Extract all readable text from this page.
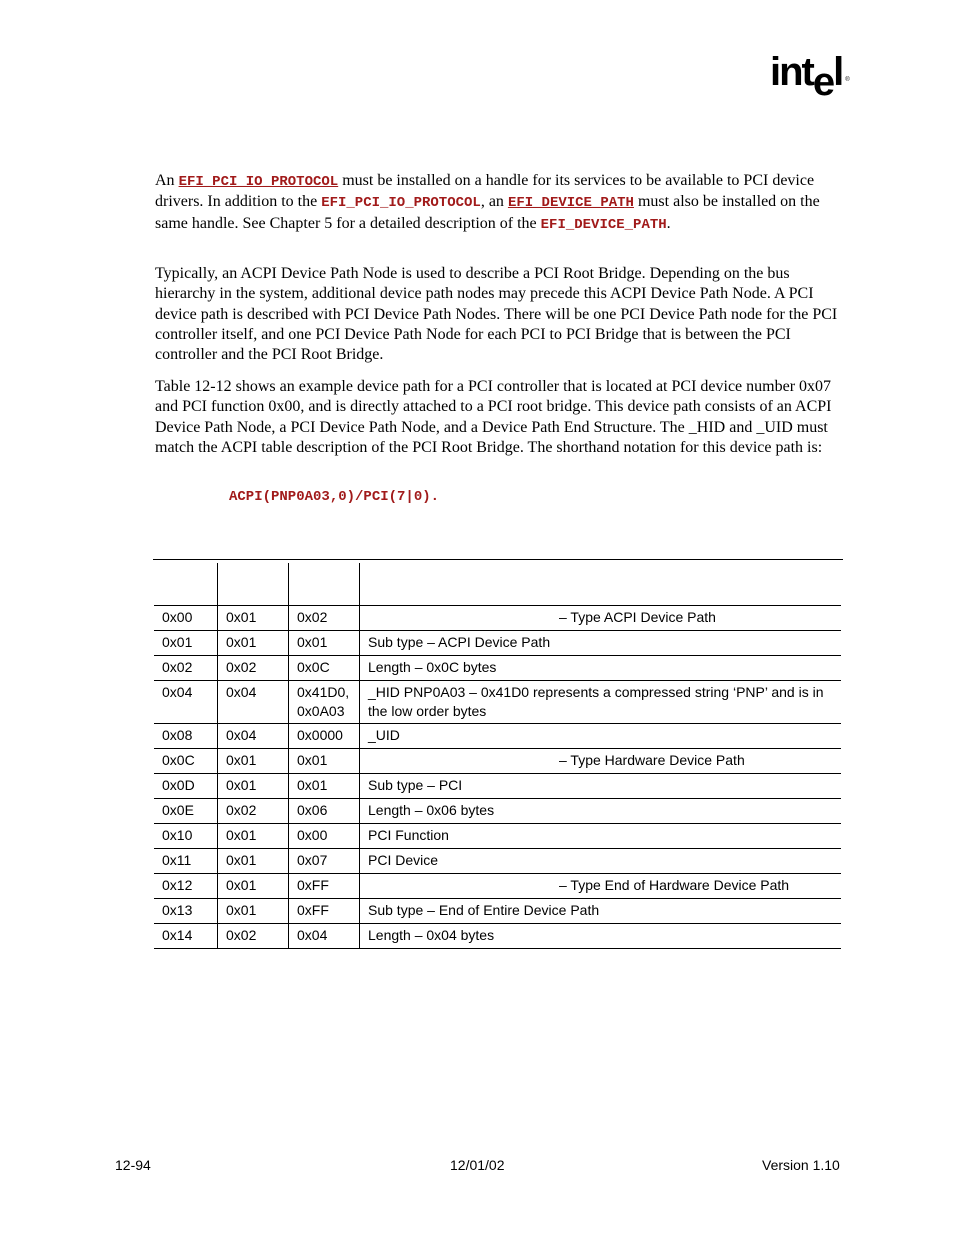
intel ®
An EFI_PCI_IO_PROTOCOL must be installed on a handle for its services to be available to PCI device drivers. In addition to the EFI_PCI_IO_PROTOCOL, an EFI_DEVICE_PATH must also be installed on the same handle. See Chapter 5 for a detailed description of the EFI_DEVICE_PATH.
Typically, an ACPI Device Path Node is used to describe a PCI Root Bridge. Depending on the bus hierarchy in the system, additional device path nodes may precede this ACPI Device Path Node. A PCI device path is described with PCI Device Path Nodes. There will be one PCI Device Path node for the PCI controller itself, and one PCI Device Path Node for each PCI to PCI Bridge that is between the PCI controller and the PCI Root Bridge.
Table 12-12 shows an example device path for a PCI controller that is located at PCI device number 0x07 and PCI function 0x00, and is directly attached to a PCI root bridge. This device path consists of an ACPI Device Path Node, a PCI Device Path Node, and a Device Path End Structure. The _HID and _UID must match the ACPI table description of the PCI Root Bridge. The shorthand notation for this device path is:
ACPI(PNP0A03,0)/PCI(7|0).

0x00	0x01	0x02	– Type ACPI Device Path
0x01	0x01	0x01	Sub type – ACPI Device Path
0x02	0x02	0x0C	Length – 0x0C bytes
0x04	0x04	0x41D0, 0x0A03	_HID PNP0A03 – 0x41D0 represents a compressed string ‘PNP’ and is in the low order bytes
0x08	0x04	0x0000	_UID
0x0C	0x01	0x01	– Type Hardware Device Path
0x0D	0x01	0x01	Sub type – PCI
0x0E	0x02	0x06	Length – 0x06 bytes
0x10	0x01	0x00	PCI Function
0x11	0x01	0x07	PCI Device
0x12	0x01	0xFF	– Type End of Hardware Device Path
0x13	0x01	0xFF	Sub type – End of Entire Device Path
0x14	0x02	0x04	Length – 0x04 bytes
12-94	12/01/02	Version 1.10
